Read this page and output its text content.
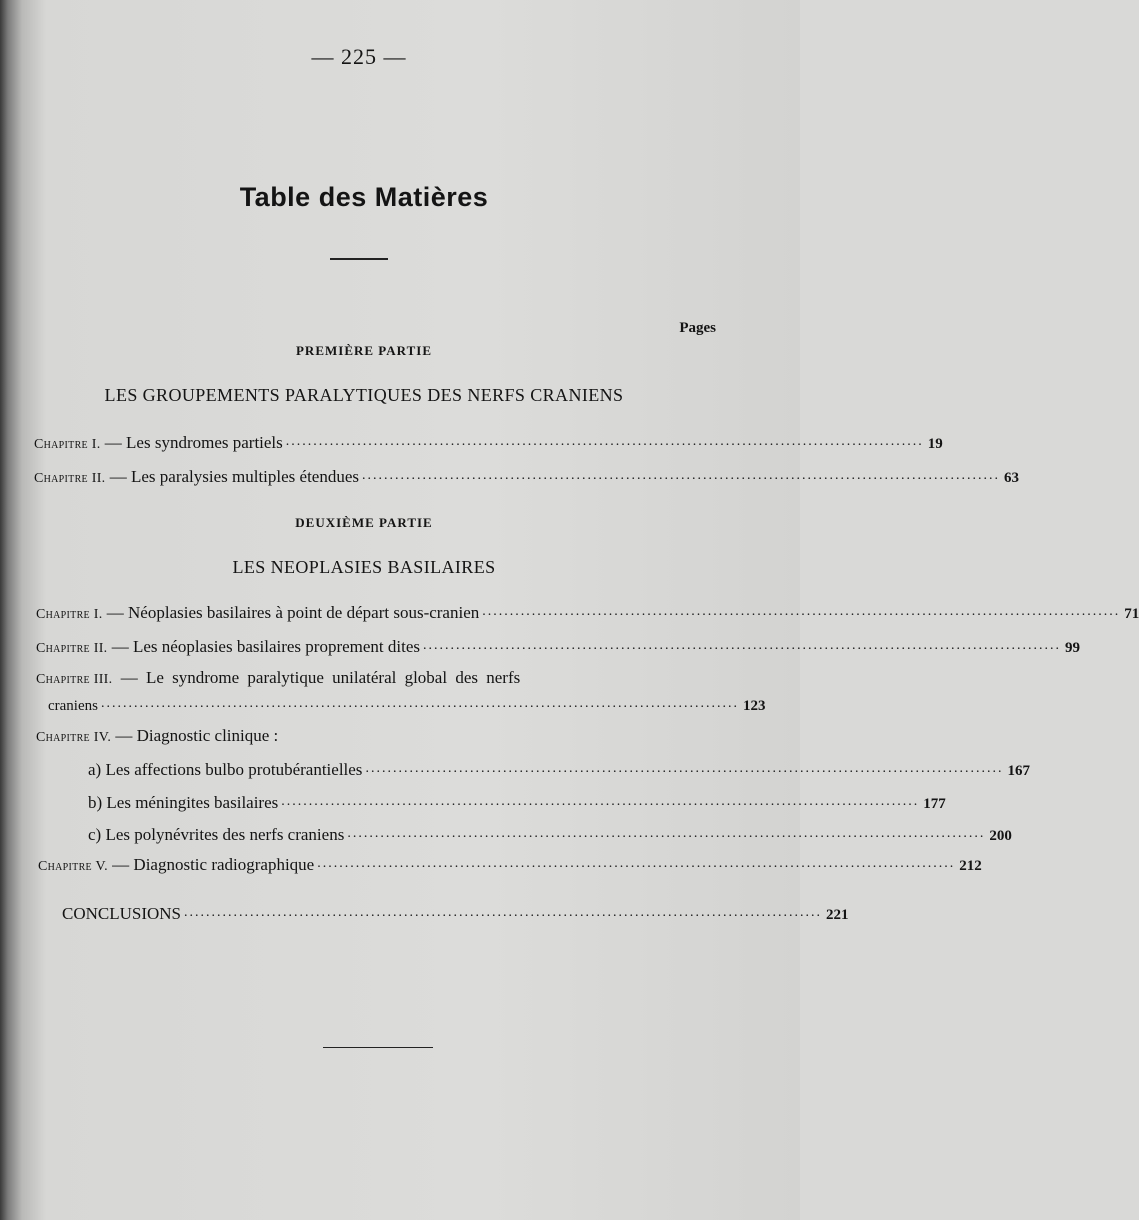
— 225 —
Table des Matières
Pages
PREMIÈRE PARTIE
LES GROUPEMENTS PARALYTIQUES DES NERFS CRANIENS
Chapitre I. — Les syndromes partiels .................................................................................................................... 19
Chapitre II. — Les paralysies multiples étendues .................................................................................................................... 63
DEUXIÈME PARTIE
LES NEOPLASIES BASILAIRES
Chapitre I. — Néoplasies basilaires à point de départ sous-cranien .................................................................................................................... 71
Chapitre II. — Les néoplasies basilaires proprement dites .................................................................................................................... 99
Chapitre III. — Le syndrome paralytique unilatéral global des nerfs
craniens .................................................................................................................... 123
Chapitre IV. — Diagnostic clinique :
a) Les affections bulbo protubérantielles .................................................................................................................... 167
b) Les méningites basilaires .................................................................................................................... 177
c) Les polynévrites des nerfs craniens .................................................................................................................... 200
Chapitre V. — Diagnostic radiographique .................................................................................................................... 212
CONCLUSIONS .................................................................................................................... 221
